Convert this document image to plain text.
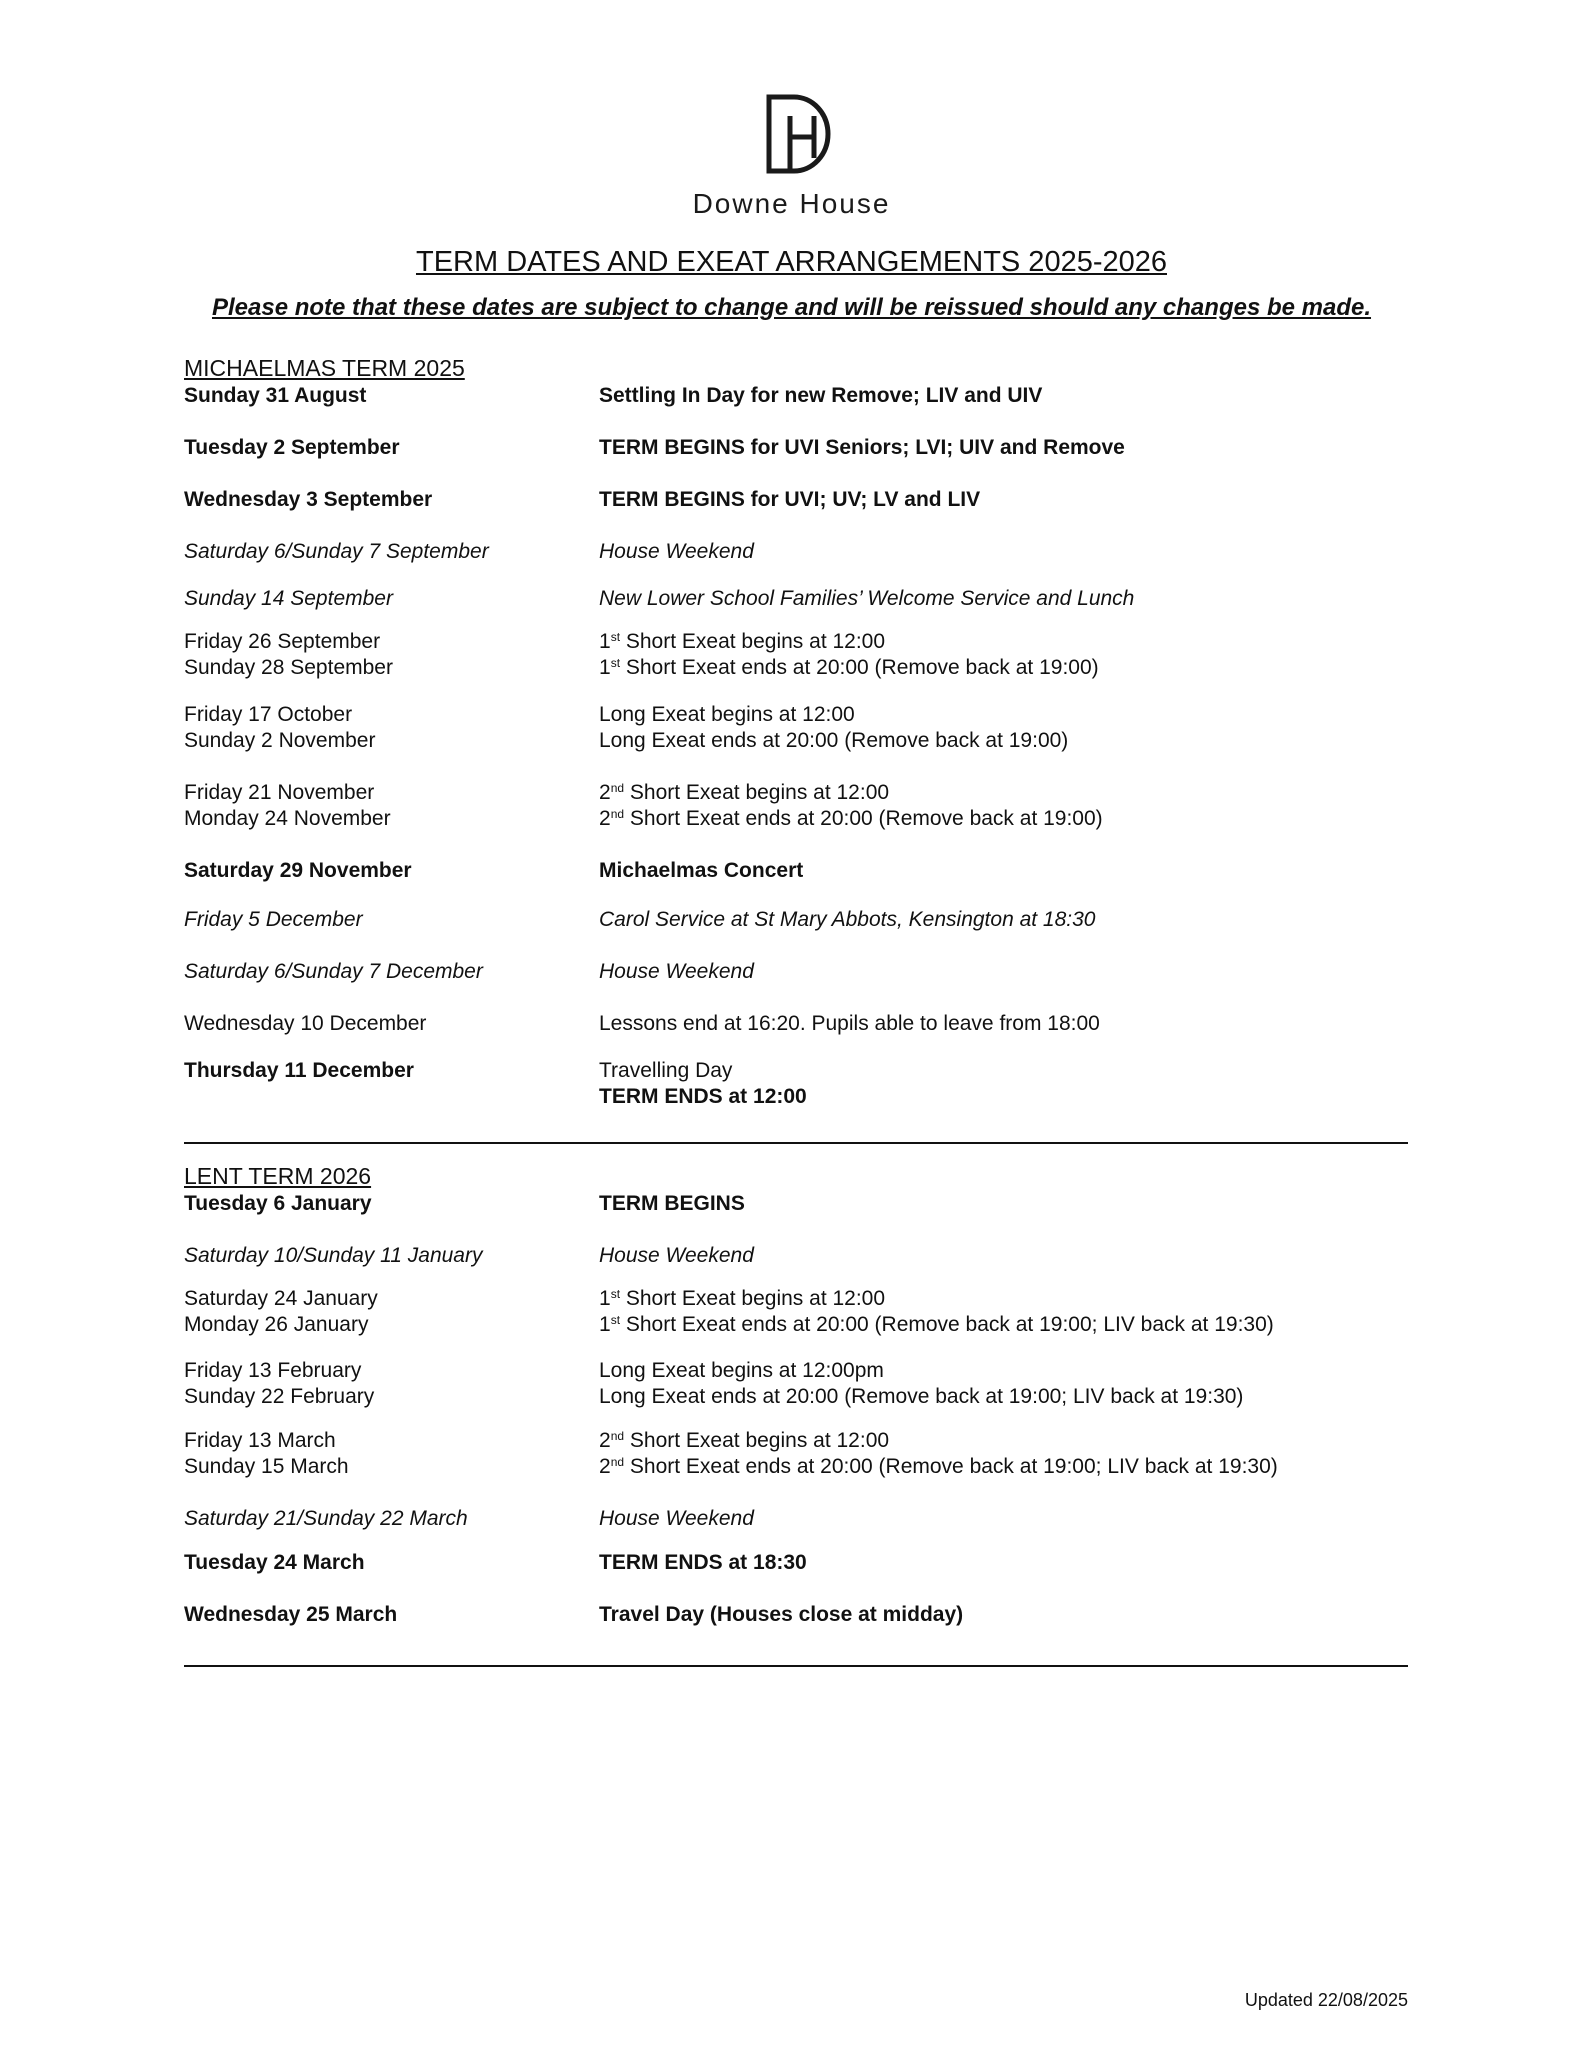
Downe House
TERM DATES AND EXEAT ARRANGEMENTS 2025-2026
Please note that these dates are subject to change and will be reissued should any changes be made.
MICHAELMAS TERM 2025
Sunday 31 August	Settling In Day for new Remove; LIV and UIV
Tuesday 2 September	TERM BEGINS for UVI Seniors; LVI; UIV and Remove
Wednesday 3 September	TERM BEGINS for UVI; UV; LV and LIV
Saturday 6/Sunday 7 September	House Weekend
Sunday 14 September	New Lower School Families’ Welcome Service and Lunch
Friday 26 September	1st Short Exeat begins at 12:00
Sunday 28 September	1st Short Exeat ends at 20:00 (Remove back at 19:00)
Friday 17 October	Long Exeat begins at 12:00
Sunday 2 November	Long Exeat ends at 20:00 (Remove back at 19:00)
Friday 21 November	2nd Short Exeat begins at 12:00
Monday 24 November	2nd Short Exeat ends at 20:00 (Remove back at 19:00)
Saturday 29 November	Michaelmas Concert
Friday 5 December	Carol Service at St Mary Abbots, Kensington at 18:30
Saturday 6/Sunday 7 December	House Weekend
Wednesday 10 December	Lessons end at 16:20. Pupils able to leave from 18:00
Thursday 11 December	Travelling Day
TERM ENDS at 12:00
LENT TERM 2026
Tuesday 6 January	TERM BEGINS
Saturday 10/Sunday 11 January	House Weekend
Saturday 24 January	1st Short Exeat begins at 12:00
Monday 26 January	1st Short Exeat ends at 20:00 (Remove back at 19:00; LIV back at 19:30)
Friday 13 February	Long Exeat begins at 12:00pm
Sunday 22 February	Long Exeat ends at 20:00 (Remove back at 19:00; LIV back at 19:30)
Friday 13 March	2nd Short Exeat begins at 12:00
Sunday 15 March	2nd Short Exeat ends at 20:00 (Remove back at 19:00; LIV back at 19:30)
Saturday 21/Sunday 22 March	House Weekend
Tuesday 24 March	TERM ENDS at 18:30
Wednesday 25 March	Travel Day (Houses close at midday)
Updated 22/08/2025
